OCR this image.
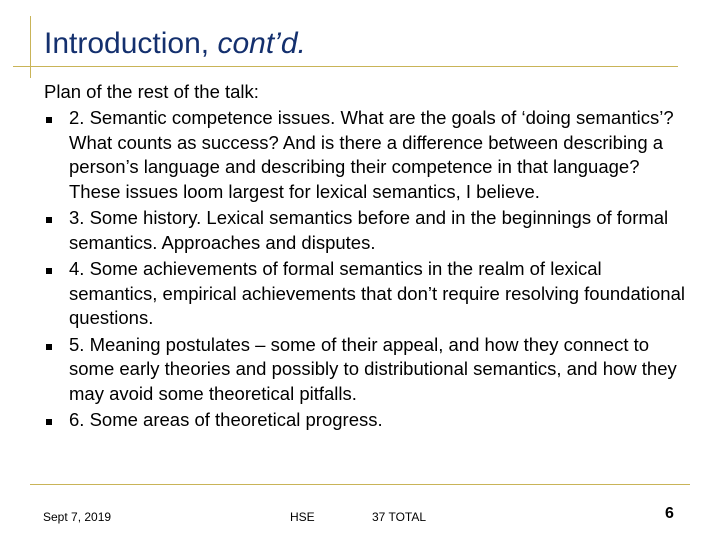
Introduction, cont’d.
Plan of the rest of the talk:
2. Semantic competence issues. What are the goals of ‘doing semantics’? What counts as success? And is there a difference between describing a person’s language and describing their competence in that language? These issues loom largest for lexical semantics, I believe.
3. Some history. Lexical semantics before and in the beginnings of formal semantics. Approaches and disputes.
4. Some achievements of formal semantics in the realm of lexical semantics, empirical achievements that don’t require resolving foundational questions.
5. Meaning postulates – some of their appeal, and how they connect to some early theories and possibly to distributional semantics, and how they may avoid some theoretical pitfalls.
6. Some areas of theoretical progress.
Sept 7, 2019	HSE	37 TOTAL	6
